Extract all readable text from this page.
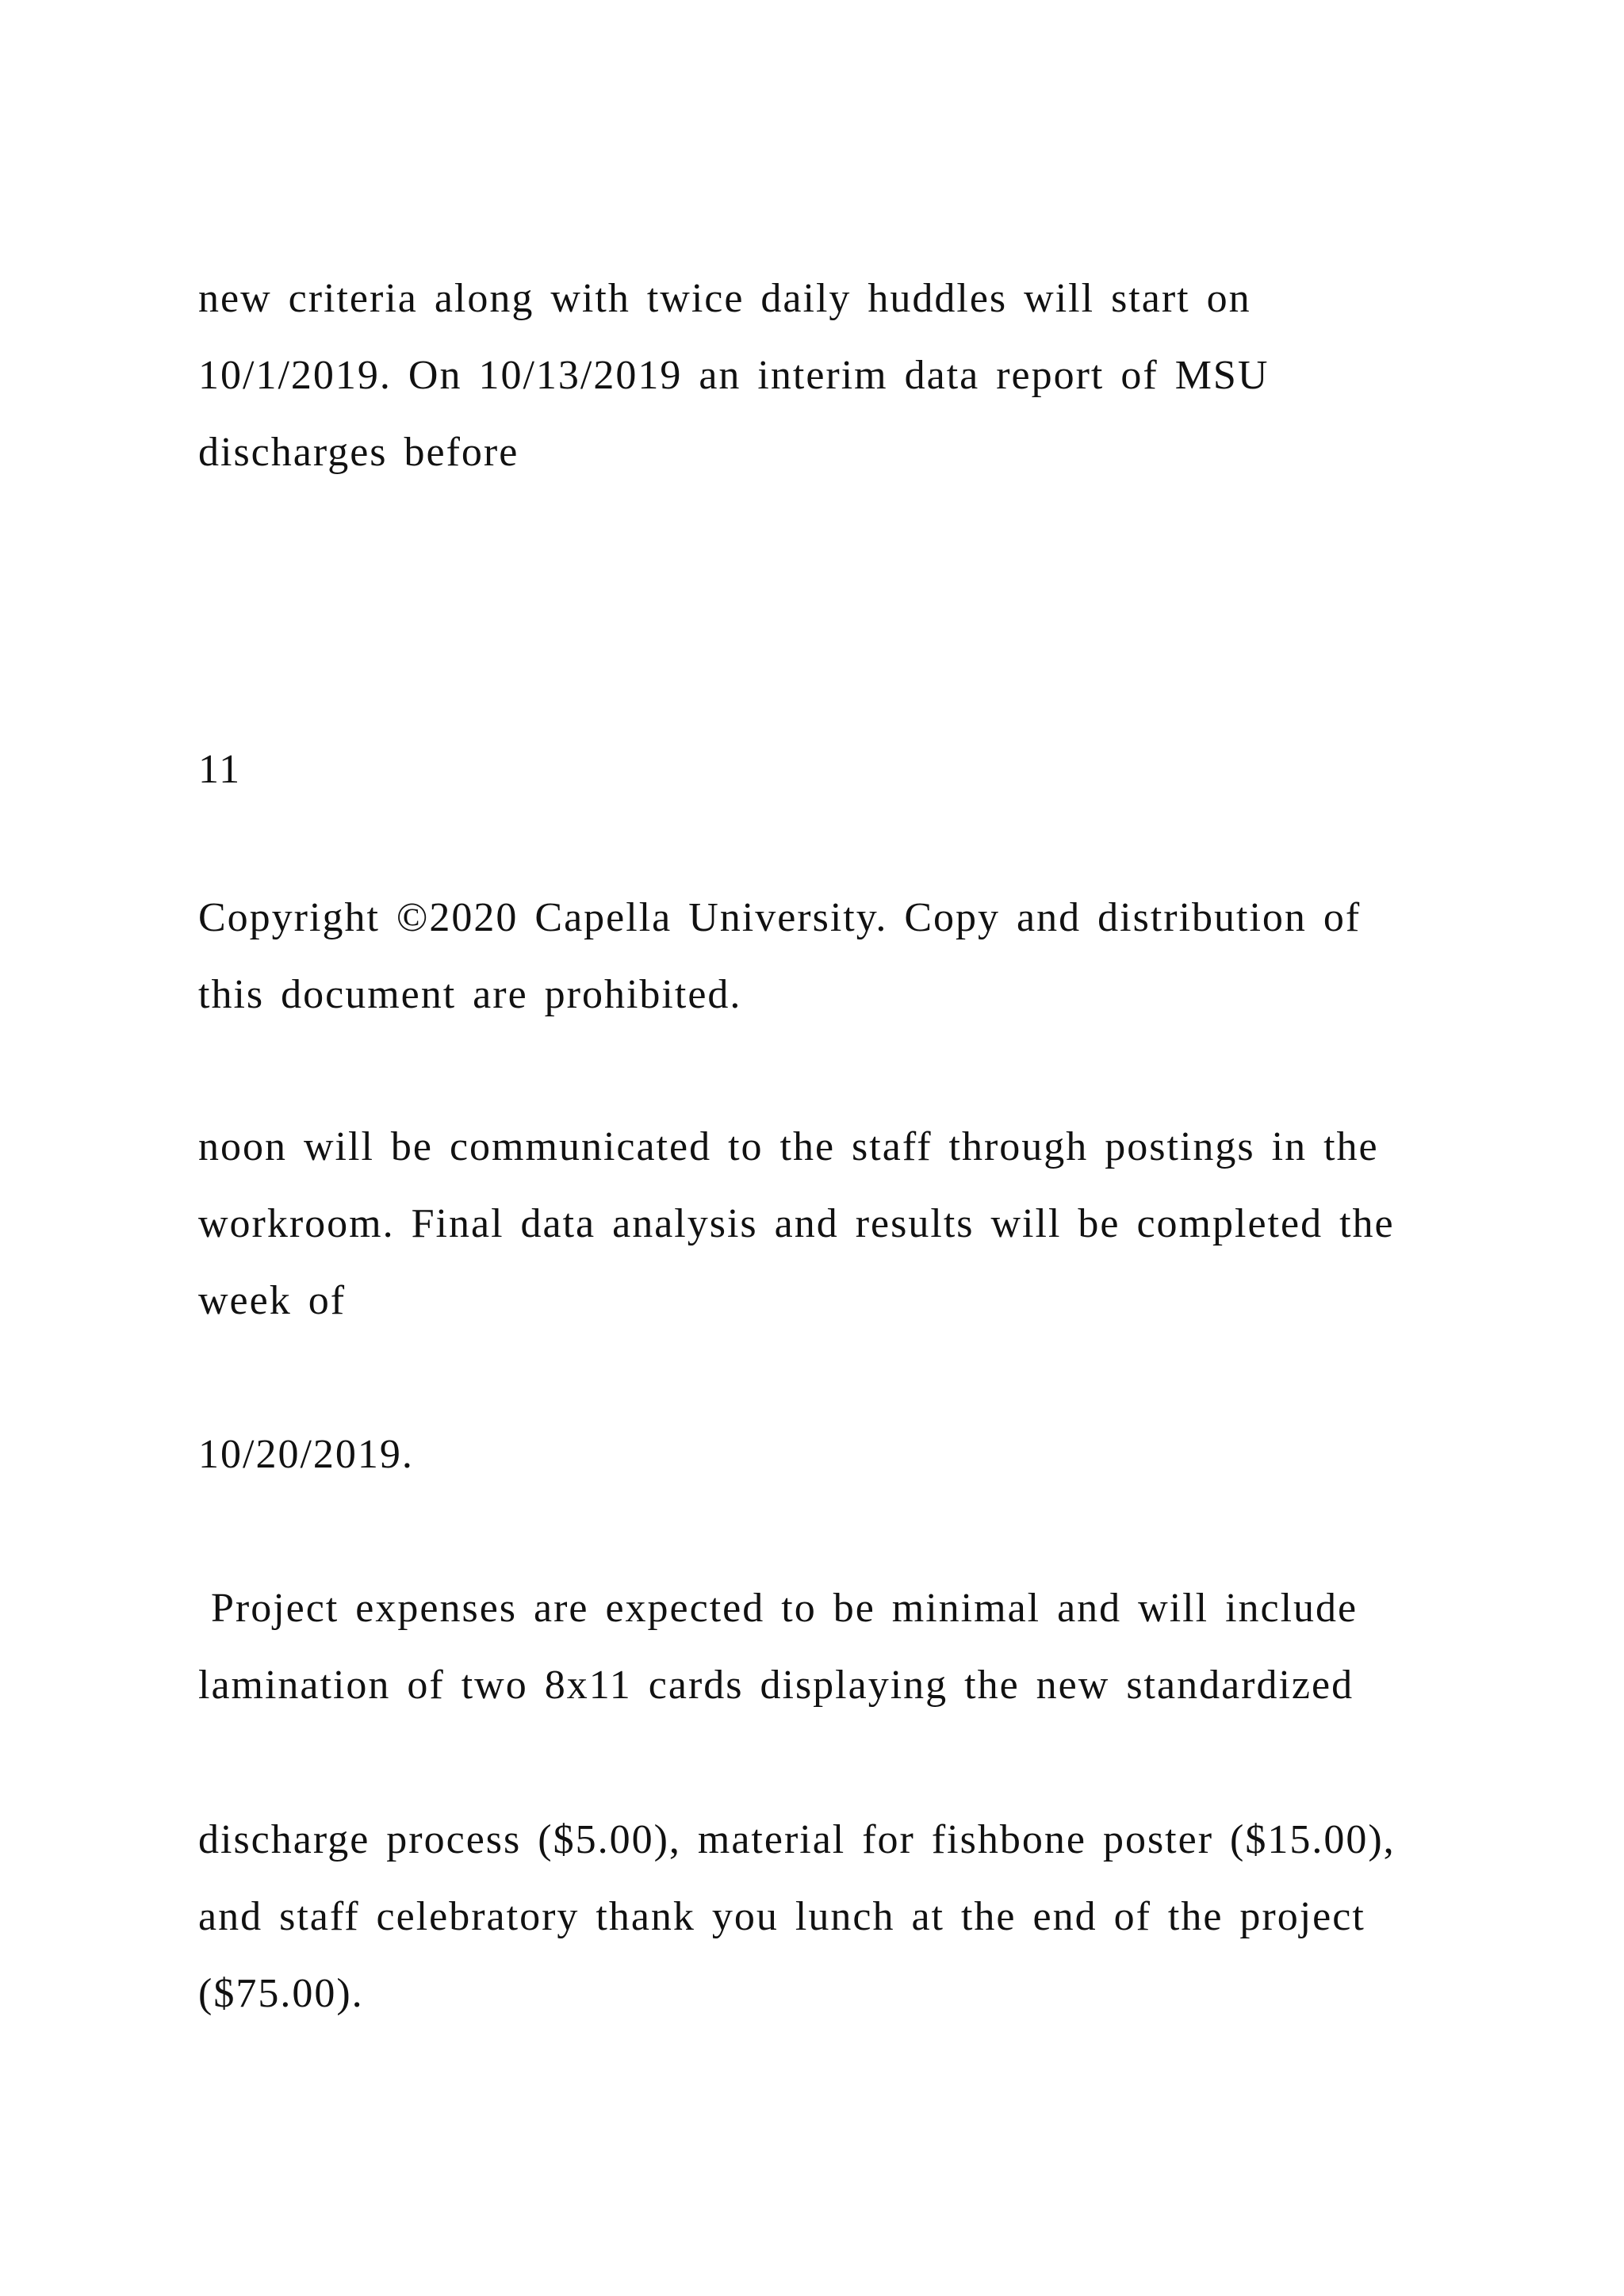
new criteria along with twice daily huddles will start on
10/1/2019. On 10/13/2019 an interim data report of MSU
discharges before
11
Copyright ©2020 Capella University. Copy and distribution of
this document are prohibited.
noon will be communicated to the staff through postings in the
workroom. Final data analysis and results will be completed the
week of
10/20/2019.
Project expenses are expected to be minimal and will include
lamination of two 8x11 cards displaying the new standardized
discharge process ($5.00), material for fishbone poster ($15.00),
and staff celebratory thank you lunch at the end of the project
($75.00).
